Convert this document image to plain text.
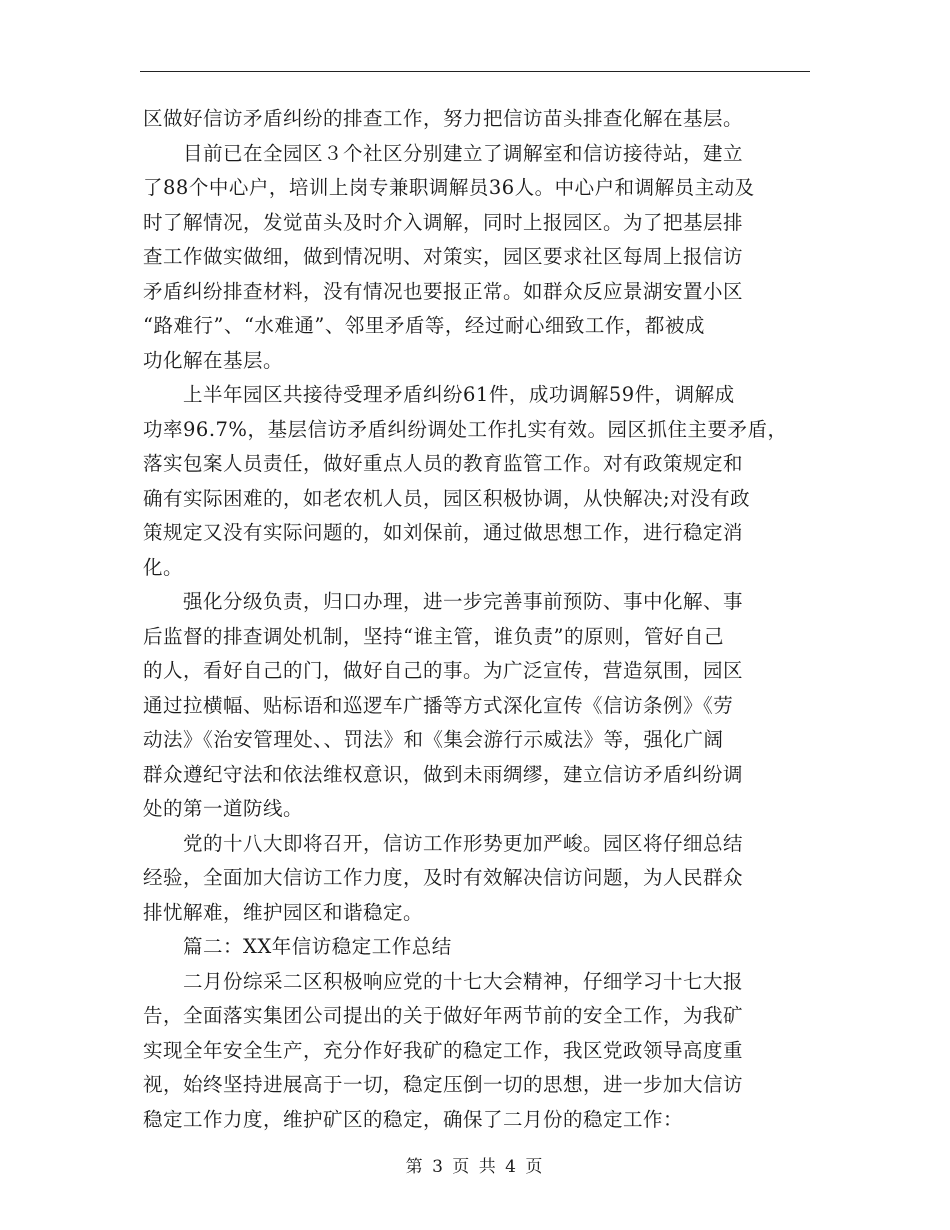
区做好信访矛盾纠纷的排查工作，努力把信访苗头排查化解在基层。
　　目前已在全园区３个社区分别建立了调解室和信访接待站，建立
了88个中心户，培训上岗专兼职调解员36人。中心户和调解员主动及
时了解情况，发觉苗头及时介入调解，同时上报园区。为了把基层排
查工作做实做细，做到情况明、对策实，园区要求社区每周上报信访
矛盾纠纷排查材料，没有情况也要报正常。如群众反应景湖安置小区
“路难行”、“水难通”、邻里矛盾等，经过耐心细致工作，都被成
功化解在基层。
　　上半年园区共接待受理矛盾纠纷61件，成功调解59件，调解成
功率96.7%，基层信访矛盾纠纷调处工作扎实有效。园区抓住主要矛盾，
落实包案人员责任，做好重点人员的教育监管工作。对有政策规定和
确有实际困难的，如老农机人员，园区积极协调，从快解决;对没有政
策规定又没有实际问题的，如刘保前，通过做思想工作，进行稳定消
化。
　　强化分级负责，归口办理，进一步完善事前预防、事中化解、事
后监督的排查调处机制，坚持“谁主管，谁负责”的原则，管好自己
的人，看好自己的门，做好自己的事。为广泛宣传，营造氛围，园区
通过拉横幅、贴标语和巡逻车广播等方式深化宣传《信访条例》《劳
动法》《治安管理处、、罚法》和《集会游行示威法》等，强化广阔
群众遵纪守法和依法维权意识，做到未雨绸缪，建立信访矛盾纠纷调
处的第一道防线。
　　党的十八大即将召开，信访工作形势更加严峻。园区将仔细总结
经验，全面加大信访工作力度，及时有效解决信访问题，为人民群众
排忧解难，维护园区和谐稳定。
　　篇二：XX年信访稳定工作总结
　　二月份综采二区积极响应党的十七大会精神，仔细学习十七大报
告，全面落实集团公司提出的关于做好年两节前的安全工作，为我矿
实现全年安全生产，充分作好我矿的稳定工作，我区党政领导高度重
视，始终坚持进展高于一切，稳定压倒一切的思想，进一步加大信访
稳定工作力度，维护矿区的稳定，确保了二月份的稳定工作：
第 3 页 共 4 页
